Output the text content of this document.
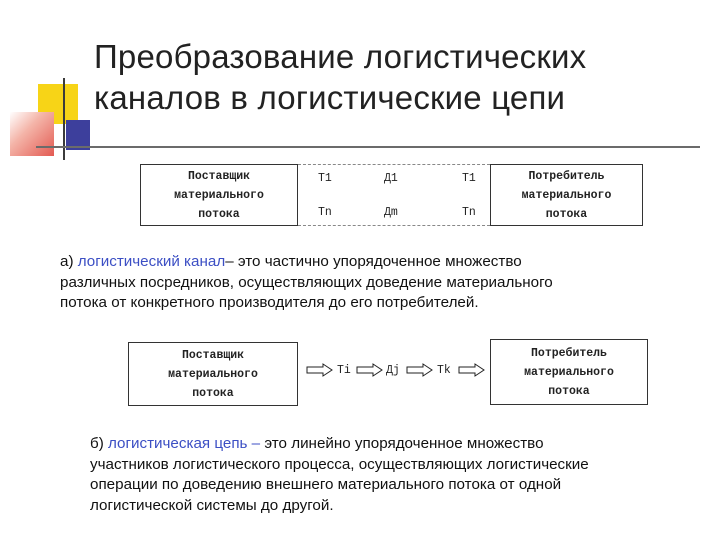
Преобразование логистических
каналов в логистические цепи
Поставщик
материального
потока
T1	Д1	T1
Tn	Дm	Tn
Потребитель
материального
потока
а) логистический канал– это частично упорядоченное множество
различных посредников, осуществляющих доведение материального
потока от конкретного производителя до его потребителей.
Поставщик
материального
потока
Ti	Дj	Tk
Потребитель
материального
потока
б) логистическая цепь – это линейно упорядоченное множество
участников логистического процесса, осуществляющих логистические
операции по доведению внешнего материального потока от одной
логистической системы до другой.
